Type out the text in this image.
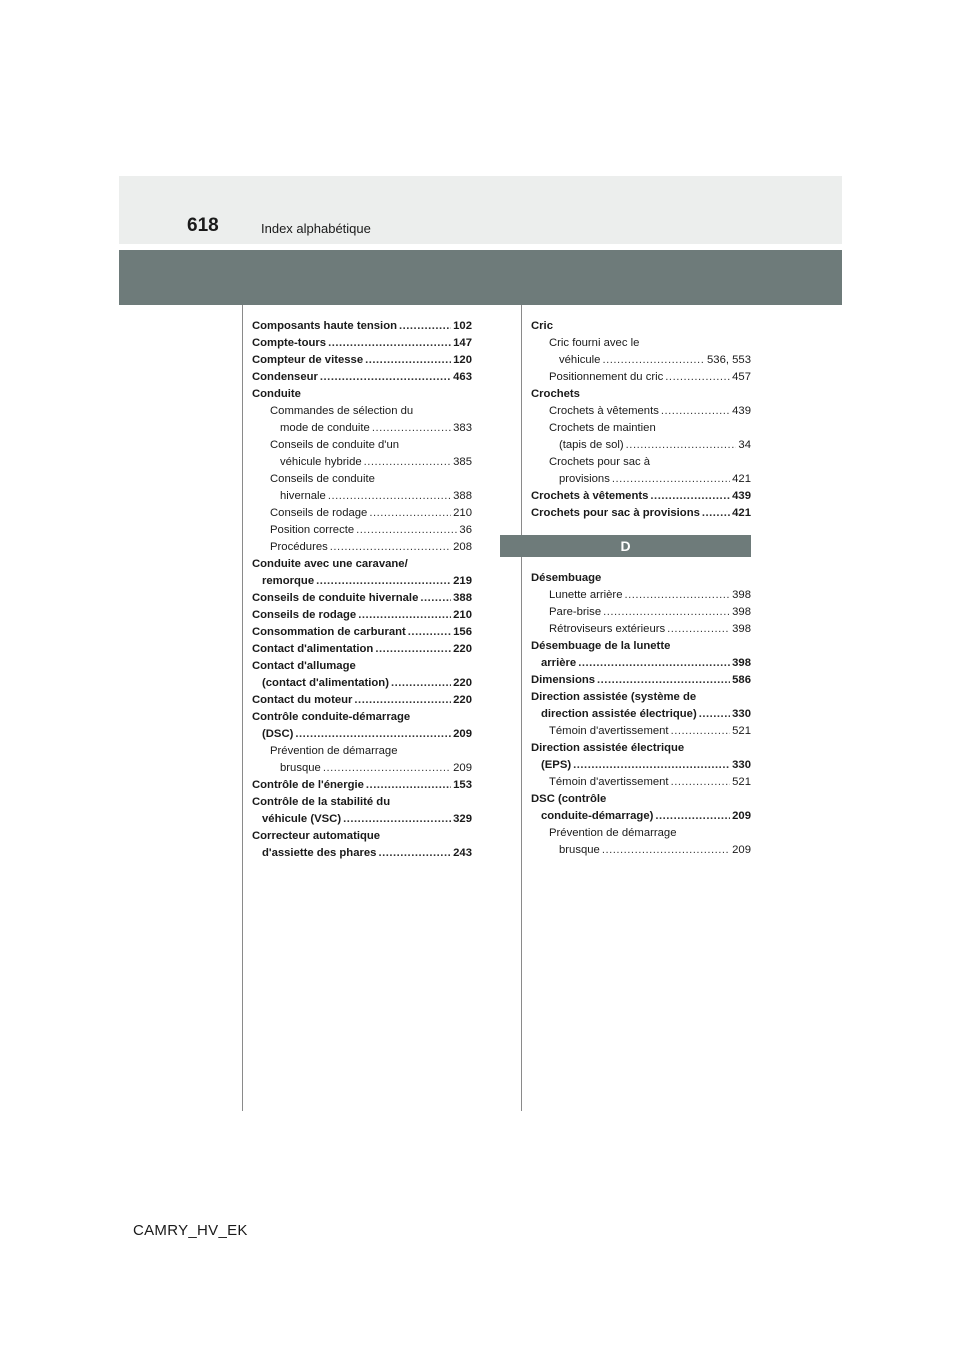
618	Index alphabétique
Composants haute tension .....	102
Compte-tours .....	147
Compteur de vitesse .....	120
Condenseur .....	463
Conduite
Commandes de sélection du
mode de conduite .....	383
Conseils de conduite d'un
véhicule hybride .....	385
Conseils de conduite
hivernale .....	388
Conseils de rodage .....	210
Position correcte .....	36
Procédures .....	208
Conduite avec une caravane/
remorque .....	219
Conseils de conduite hivernale .....	388
Conseils de rodage .....	210
Consommation de carburant .....	156
Contact d'alimentation .....	220
Contact d'allumage
(contact d'alimentation) .....	220
Contact du moteur .....	220
Contrôle conduite-démarrage
(DSC) .....	209
Prévention de démarrage
brusque .....	209
Contrôle de l'énergie .....	153
Contrôle de la stabilité du
véhicule (VSC) .....	329
Correcteur automatique
d'assiette des phares .....	243
Cric
Cric fourni avec le
véhicule .....	536, 553
Positionnement du cric .....	457
Crochets
Crochets à vêtements .....	439
Crochets de maintien
(tapis de sol) .....	34
Crochets pour sac à
provisions .....	421
Crochets à vêtements .....	439
Crochets pour sac à provisions .....	421
D
Désembuage
Lunette arrière .....	398
Pare-brise .....	398
Rétroviseurs extérieurs .....	398
Désembuage de la lunette
arrière .....	398
Dimensions .....	586
Direction assistée (système de
direction assistée électrique) .....	330
Témoin d'avertissement .....	521
Direction assistée électrique
(EPS) .....	330
Témoin d'avertissement .....	521
DSC (contrôle
conduite-démarrage) .....	209
Prévention de démarrage
brusque .....	209
CAMRY_HV_EK
